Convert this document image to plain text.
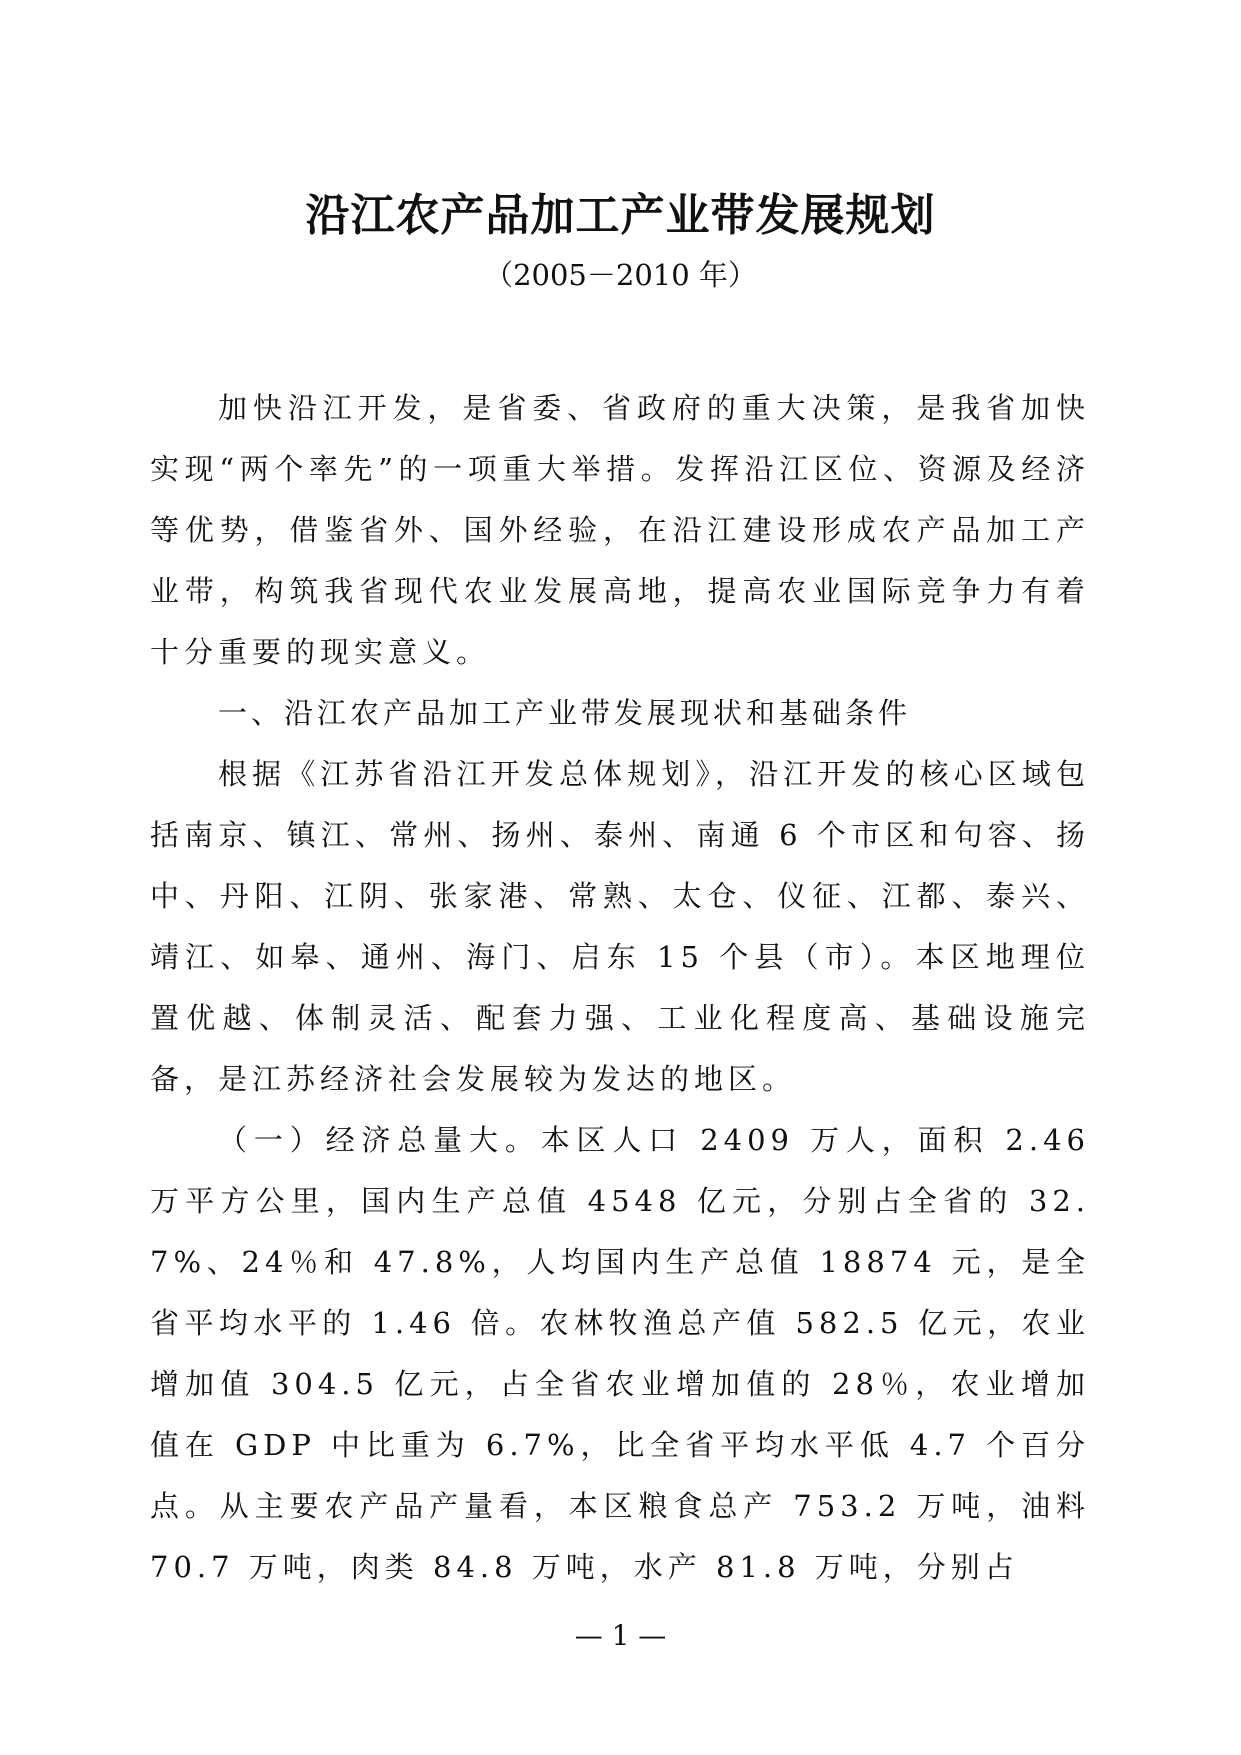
沿江农产品加工产业带发展规划
（2005－2010 年）

加快沿江开发，是省委、省政府的重大决策，是我省加快实现“两个率先”的一项重大举措。发挥沿江区位、资源及经济等优势，借鉴省外、国外经验，在沿江建设形成农产品加工产业带，构筑我省现代农业发展高地，提高农业国际竞争力有着十分重要的现实意义。

一、沿江农产品加工产业带发展现状和基础条件

根据《江苏省沿江开发总体规划》，沿江开发的核心区域包括南京、镇江、常州、扬州、泰州、南通 6 个市区和句容、扬中、丹阳、江阴、张家港、常熟、太仓、仪征、江都、泰兴、靖江、如皋、通州、海门、启东 15 个县（市）。本区地理位置优越、体制灵活、配套力强、工业化程度高、基础设施完备，是江苏经济社会发展较为发达的地区。

（一）经济总量大。本区人口 2409 万人，面积 2.46 万平方公里，国内生产总值 4548 亿元，分别占全省的 32.7%、24％和 47.8%，人均国内生产总值 18874 元，是全省平均水平的 1.46 倍。农林牧渔总产值 582.5 亿元，农业增加值 304.5 亿元，占全省农业增加值的 28％，农业增加值在 GDP 中比重为 6.7%，比全省平均水平低 4.7 个百分点。从主要农产品产量看，本区粮食总产 753.2 万吨，油料 70.7 万吨，肉类 84.8 万吨，水产 81.8 万吨，分别占

— 1 —
